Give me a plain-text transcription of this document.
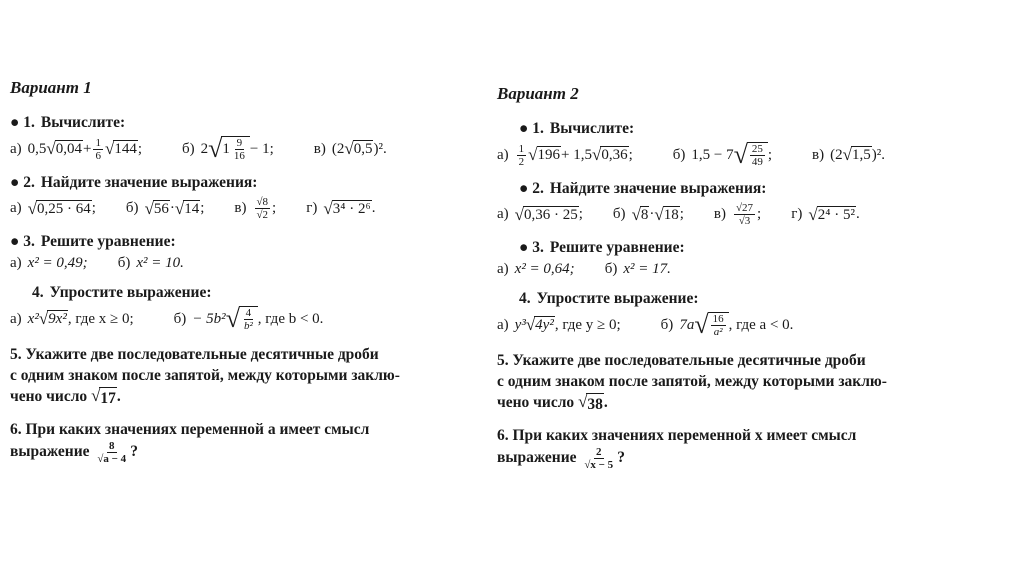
Вариант 1
● 1. Вычислите:
а) 0,5 √ $0,04 + \frac{1}{6}$ √ 144 ;	б) 2 √ $1 \frac{9}{16} - 1$;	в) (2 √ 0,5 )².
● 2. Найдите значение выражения:
а) √ 0,25 · 64 ; б) √ 56 · √ 14 ; $в) \frac{√8}{√2}$ ; г) √ 3⁴ · 2⁶ .
● 3. Решите уравнение:
а) x² = 0,49; б) x² = 10.
4. Упростите выражение:
а) x² √ 9x² , где x ≥ 0;	б) − 5b² √ $\frac{4}{\text{b²}}$ , где b < 0.
5. Укажите две последовательные десятичные дроби
с одним знаком после запятой, между которыми заклю-
чено число √ 17 .
6. При каких значениях переменной a имеет смысл
выражение $\frac{8}{√a - 4}$ ?
Вариант 2
● 1. Вычислите:
$а) \frac{1}{2}$ √ 196 + 1,5 √ 0,36 ;	б) 1,5 − 7 √ $\frac{25}{49}$ ;	в) (2 √ 1,5 )².
● 2. Найдите значение выражения:
а) √ 0,36 · 25 ; б) √ 8 · √ 18 ; $в) \frac{√27}{√3}$ ; г) √ 2⁴ · 5² .
● 3. Решите уравнение:
а) x² = 0,64; б) x² = 17.
4. Упростите выражение:
а) y³ √ 4y² , где y ≥ 0;	б) 7a √ $\frac{16}{\text{a²}}$ , где a < 0.
5. Укажите две последовательные десятичные дроби
с одним знаком после запятой, между которыми заклю-
чено число √ 38 .
6. При каких значениях переменной x имеет смысл
выражение $\frac{2}{√x - 5}$ ?
